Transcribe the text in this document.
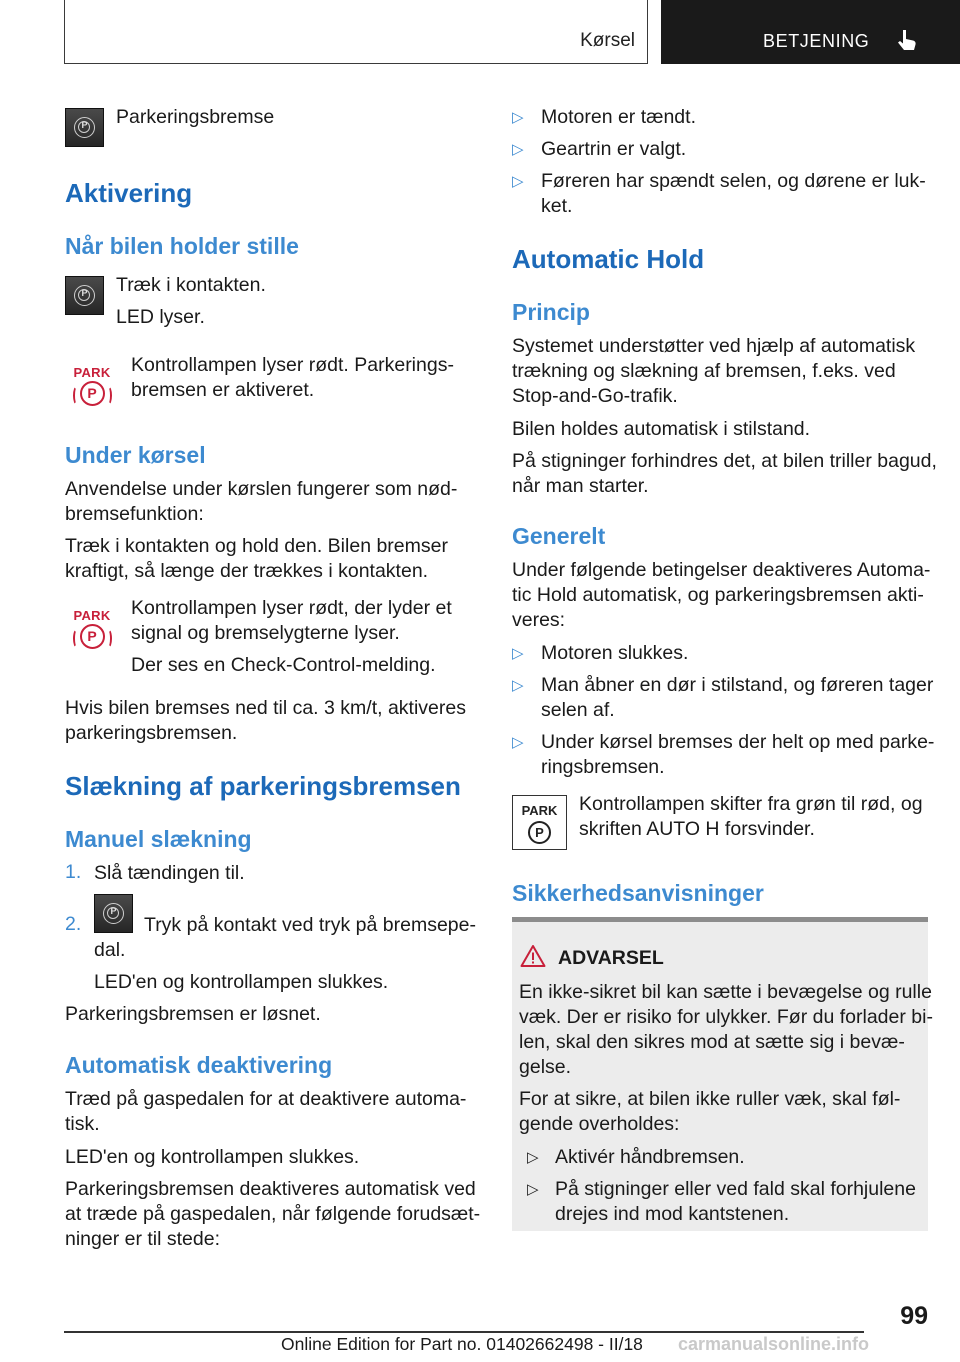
Kørsel	BETJENING
P	Parkeringsbremse
Aktivering
Når bilen holder stille
P	Træk i kontakten.
LED lyser.
PARK
P
Kontrollampen lyser rødt. Parkerings-
bremsen er aktiveret.
Under kørsel
Anvendelse under kørslen fungerer som nød-
bremsefunktion:
Træk i kontakten og hold den. Bilen bremser
kraftigt, så længe der trækkes i kontakten.
PARK
P
Kontrollampen lyser rødt, der lyder et
signal og bremselygterne lyser.
Der ses en Check-Control-melding.
Hvis bilen bremses ned til ca. 3 km/t, aktiveres
parkeringsbremsen.
Slækning af parkeringsbremsen
Manuel slækning
1. Slå tændingen til.
2.
P
Tryk på kontakt ved tryk på bremsepe-
dal.
LED'en og kontrollampen slukkes.
Parkeringsbremsen er løsnet.
Automatisk deaktivering
Træd på gaspedalen for at deaktivere automa-
tisk.
LED'en og kontrollampen slukkes.
Parkeringsbremsen deaktiveres automatisk ved
at træde på gaspedalen, når følgende forudsæt-
ninger er til stede:
▷ Motoren er tændt.
▷ Geartrin er valgt.
▷ Føreren har spændt selen, og dørene er luk-
ket.
Automatic Hold
Princip
Systemet understøtter ved hjælp af automatisk
trækning og slækning af bremsen, f.eks. ved
Stop-and-Go-trafik.
Bilen holdes automatisk i stilstand.
På stigninger forhindres det, at bilen triller bagud,
når man starter.
Generelt
Under følgende betingelser deaktiveres Automa-
tic Hold automatisk, og parkeringsbremsen akti-
veres:
▷ Motoren slukkes.
▷ Man åbner en dør i stilstand, og føreren tager
selen af.
▷ Under kørsel bremses der helt op med parke-
ringsbremsen.
PARK
P
Kontrollampen skifter fra grøn til rød, og
skriften AUTO H forsvinder.
Sikkerhedsanvisninger
ADVARSEL
En ikke-sikret bil kan sætte i bevægelse og rulle
væk. Der er risiko for ulykker. Før du forlader bi-
len, skal den sikres mod at sætte sig i bevæ-
gelse.
For at sikre, at bilen ikke ruller væk, skal føl-
gende overholdes:
▷ Aktivér håndbremsen.
▷ På stigninger eller ved fald skal forhjulene
drejes ind mod kantstenen.
99
Online Edition for Part no. 01402662498 - II/18 carmanualsonline.info
